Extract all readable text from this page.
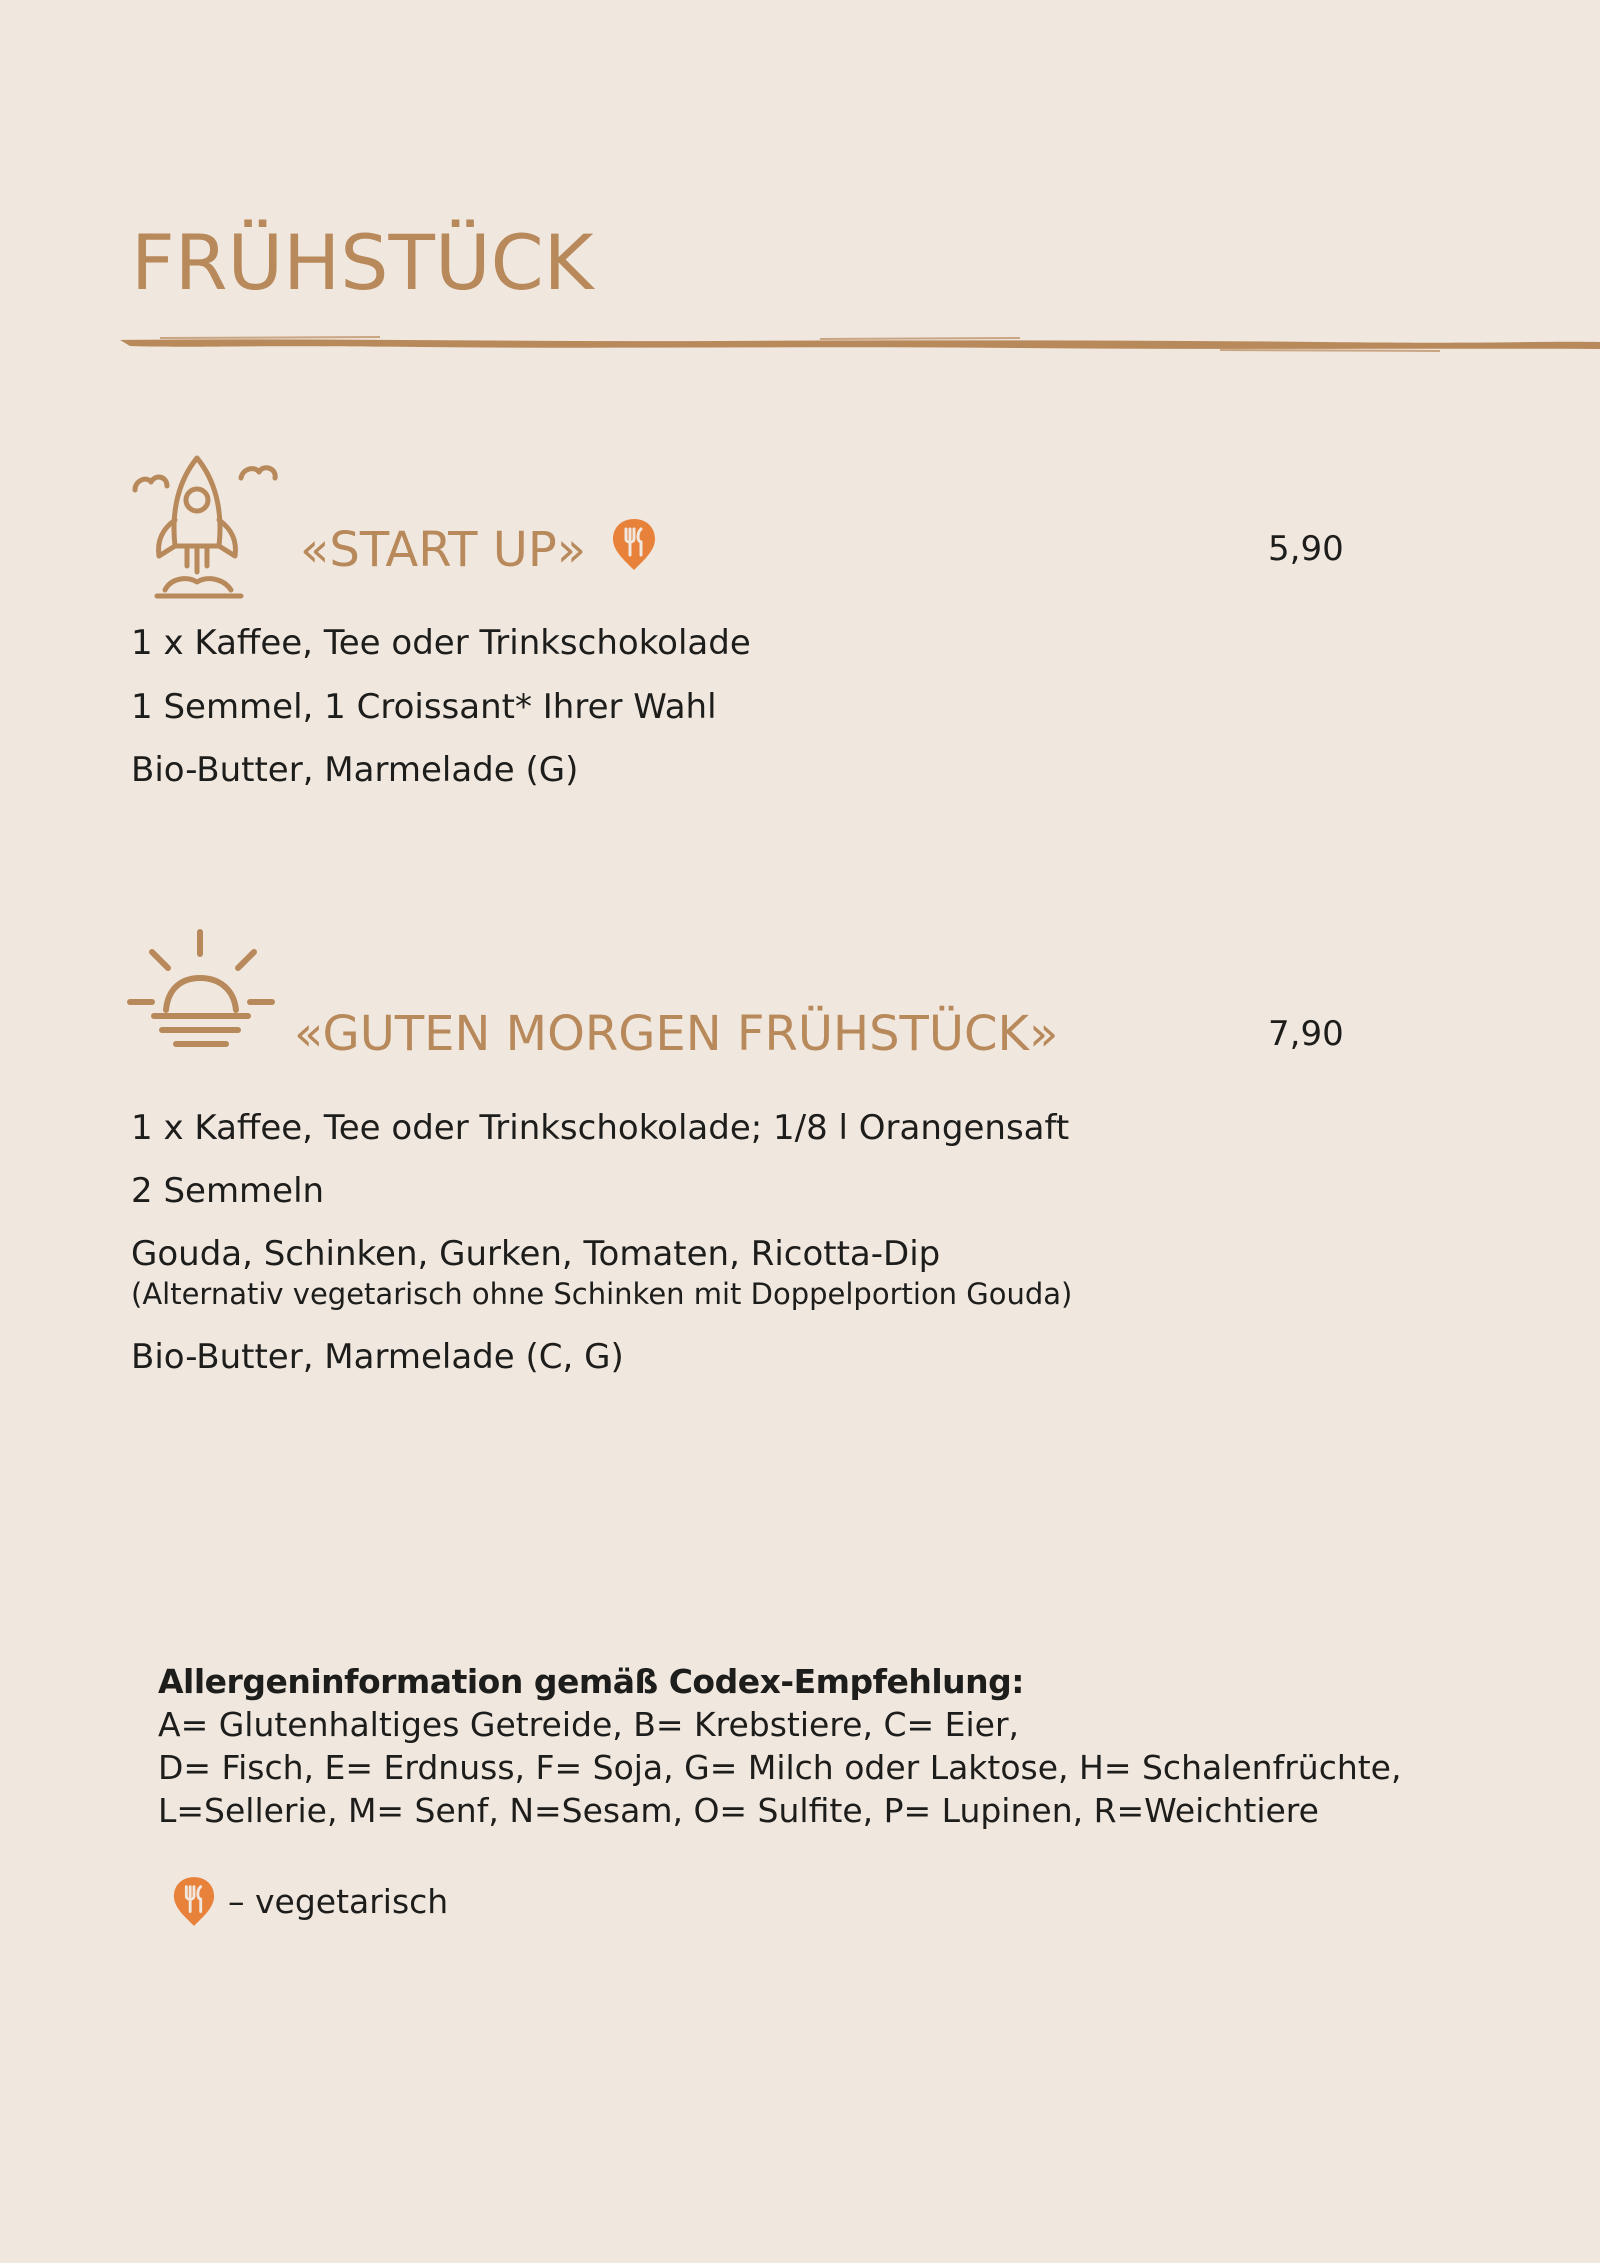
FRÜHSTÜCK
«START UP»	5,90
1 x Kaffee, Tee oder Trinkschokolade
1 Semmel, 1 Croissant* Ihrer Wahl
Bio-Butter, Marmelade (G)
«GUTEN MORGEN FRÜHSTÜCK»	7,90
1 x Kaffee, Tee oder Trinkschokolade; 1/8 l Orangensaft
2 Semmeln
Gouda, Schinken, Gurken, Tomaten, Ricotta-Dip
(Alternativ vegetarisch ohne Schinken mit Doppelportion Gouda)
Bio-Butter, Marmelade (C, G)
Allergeninformation gemäß Codex-Empfehlung:
A= Glutenhaltiges Getreide, B= Krebstiere, C= Eier,
D= Fisch, E= Erdnuss, F= Soja, G= Milch oder Laktose, H= Schalenfrüchte,
L=Sellerie, M= Senf, N=Sesam, O= Sulfite, P= Lupinen, R=Weichtiere
– vegetarisch
